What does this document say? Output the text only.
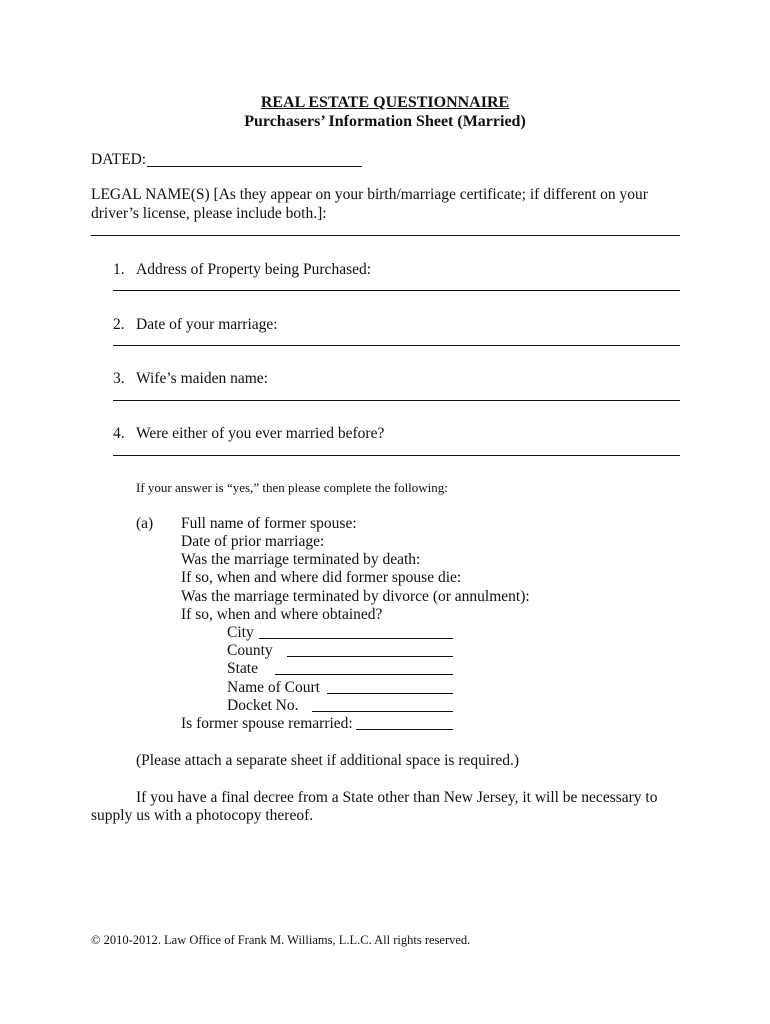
REAL ESTATE QUESTIONNAIRE
Purchasers’ Information Sheet (Married)
DATED:
LEGAL NAME(S) [As they appear on your birth/marriage certificate; if different on your
driver’s license, please include both.]:
1. Address of Property being Purchased:
2. Date of your marriage:
3. Wife’s maiden name:
4. Were either of you ever married before?
If your answer is “yes,” then please complete the following:
(a) Full name of former spouse:
Date of prior marriage:
Was the marriage terminated by death:
If so, when and where did former spouse die:
Was the marriage terminated by divorce (or annulment):
If so, when and where obtained?
City
County
State
Name of Court
Docket No.
Is former spouse remarried:
(Please attach a separate sheet if additional space is required.)
If you have a final decree from a State other than New Jersey, it will be necessary to
supply us with a photocopy thereof.
© 2010-2012. Law Office of Frank M. Williams, L.L.C. All rights reserved.
